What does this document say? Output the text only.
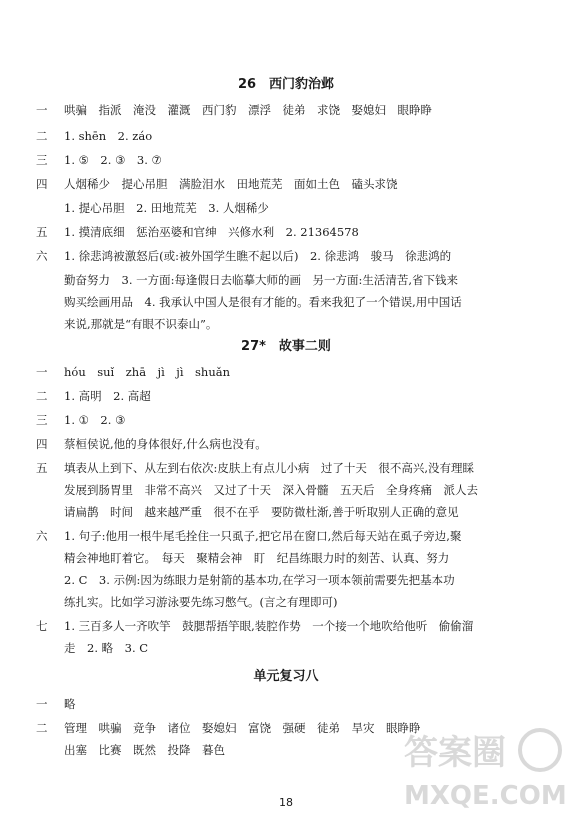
26　西门豹治邺
一	哄骗　指派　淹没　灌溉　西门豹　漂浮　徒弟　求饶　娶媳妇　眼睁睁
二	1. shēn　2. záo
三	1. ⑤　2. ③　3. ⑦
四	人烟稀少　提心吊胆　满脸泪水　田地荒芜　面如土色　磕头求饶
1. 提心吊胆　2. 田地荒芜　3. 人烟稀少
五	1. 摸清底细　惩治巫婆和官绅　兴修水利　2. 21364578
六	1. 徐悲鸿被激怒后(或:被外国学生瞧不起以后)　2. 徐悲鸿　骏马　徐悲鸿的
勤奋努力　3. 一方面:每逢假日去临摹大师的画　另一方面:生活清苦,省下钱来
购买绘画用品　4. 我承认中国人是很有才能的。看来我犯了一个错误,用中国话
来说,那就是“有眼不识泰山”。
27*　故事二则
一	hóu　suǐ　zhā　jì　jì　shuǎn
二	1. 高明　2. 高超
三	1. ①　2. ③
四	蔡桓侯说,他的身体很好,什么病也没有。
五	填表从上到下、从左到右依次:皮肤上有点儿小病　过了十天　很不高兴,没有理睬
发展到肠胃里　非常不高兴　又过了十天　深入骨髓　五天后　全身疼痛　派人去
请扁鹊　时间　越来越严重　很不在乎　要防微杜渐,善于听取别人正确的意见
六	1. 句子:他用一根牛尾毛拴住一只虱子,把它吊在窗口,然后每天站在虱子旁边,聚
精会神地盯着它。　每天　聚精会神　盯　纪昌练眼力时的刻苦、认真、努力
2. C　3. 示例:因为练眼力是射箭的基本功,在学习一项本领前需要先把基本功
练扎实。比如学习游泳要先练习憋气。(言之有理即可)
七	1. 三百多人一齐吹竽　鼓腮帮捂竽眼,装腔作势　一个接一个地吹给他听　偷偷溜
走　2. 略　3. C
单元复习八
一	略
二	管理　哄骗　竞争　诸位　娶媳妇　富饶　强硬　徒弟　旱灾　眼睁睁
出塞　比赛　既然　投降　暮色	答案圈
MXQE.COM
18
